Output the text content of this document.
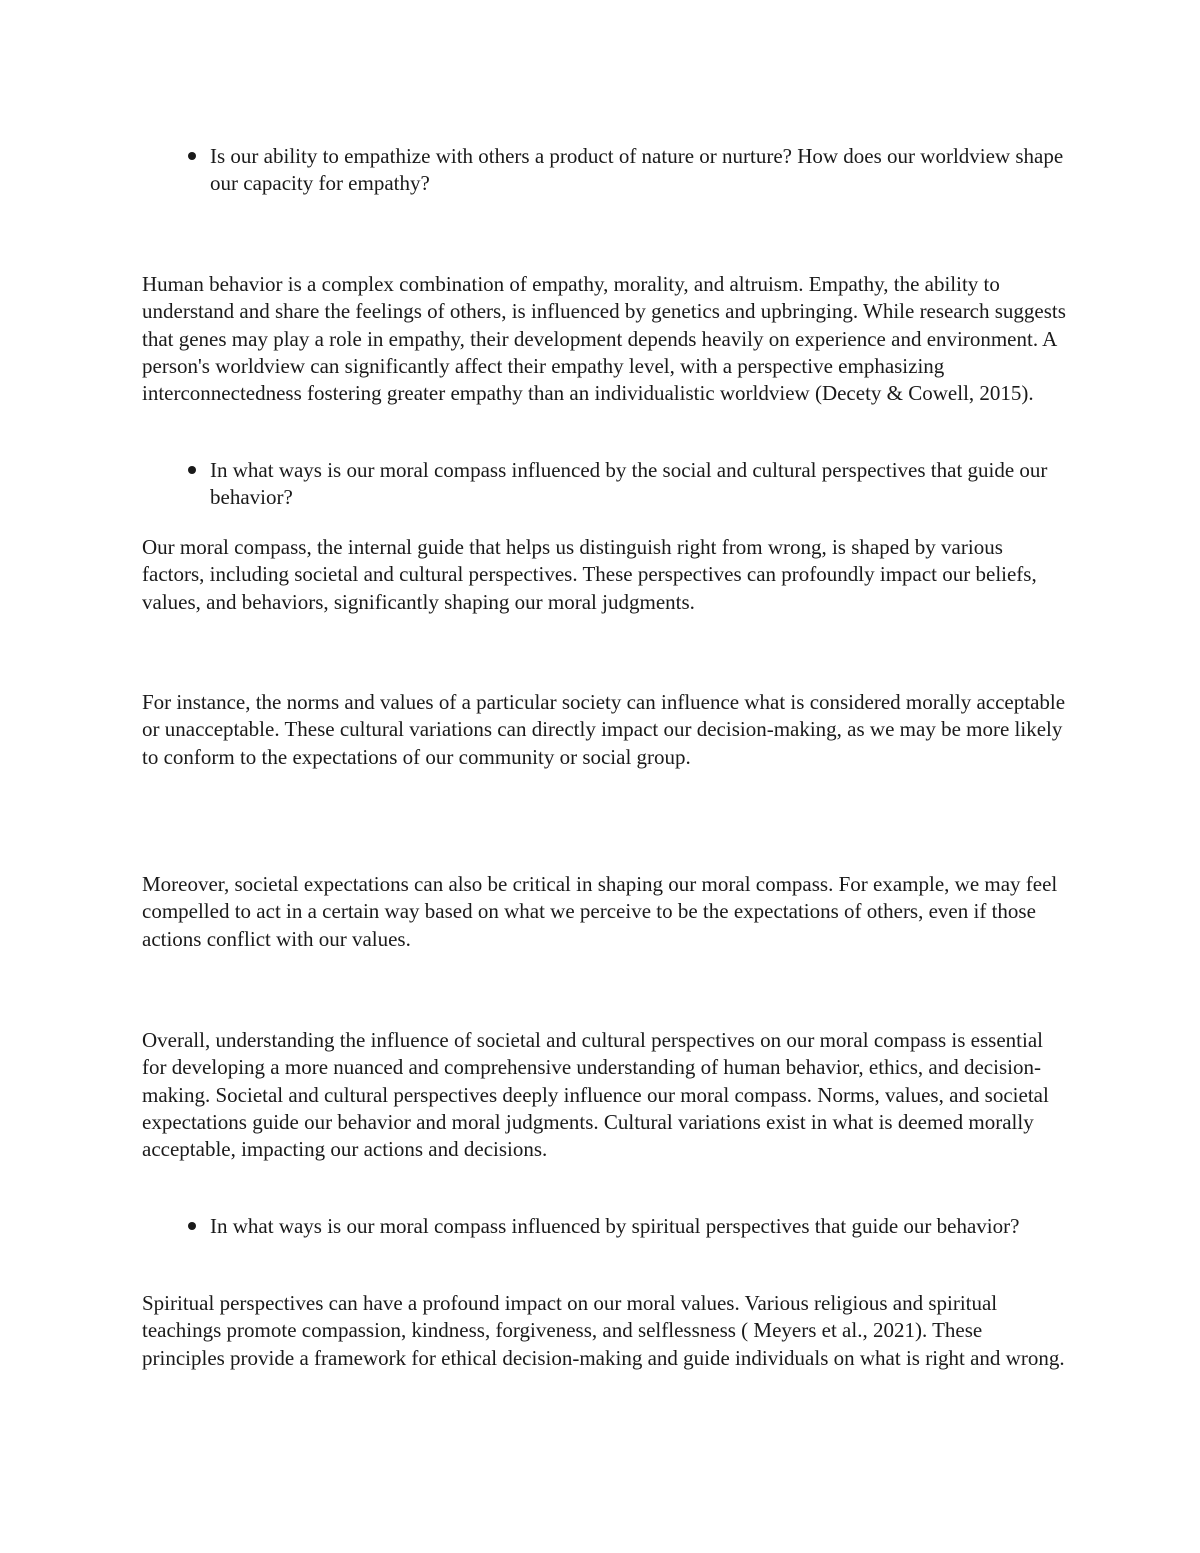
Is our ability to empathize with others a product of nature or nurture? How does our worldview shape our capacity for empathy?

Human behavior is a complex combination of empathy, morality, and altruism. Empathy, the ability to understand and share the feelings of others, is influenced by genetics and upbringing. While research suggests that genes may play a role in empathy, their development depends heavily on experience and environment. A person's worldview can significantly affect their empathy level, with a perspective emphasizing interconnectedness fostering greater empathy than an individualistic worldview (Decety & Cowell, 2015).

In what ways is our moral compass influenced by the social and cultural perspectives that guide our behavior?

Our moral compass, the internal guide that helps us distinguish right from wrong, is shaped by various factors, including societal and cultural perspectives. These perspectives can profoundly impact our beliefs, values, and behaviors, significantly shaping our moral judgments.

For instance, the norms and values of a particular society can influence what is considered morally acceptable or unacceptable. These cultural variations can directly impact our decision-making, as we may be more likely to conform to the expectations of our community or social group.

Moreover, societal expectations can also be critical in shaping our moral compass. For example, we may feel compelled to act in a certain way based on what we perceive to be the expectations of others, even if those actions conflict with our values.

Overall, understanding the influence of societal and cultural perspectives on our moral compass is essential for developing a more nuanced and comprehensive understanding of human behavior, ethics, and decision-making. Societal and cultural perspectives deeply influence our moral compass. Norms, values, and societal expectations guide our behavior and moral judgments. Cultural variations exist in what is deemed morally acceptable, impacting our actions and decisions.

In what ways is our moral compass influenced by spiritual perspectives that guide our behavior?

Spiritual perspectives can have a profound impact on our moral values. Various religious and spiritual teachings promote compassion, kindness, forgiveness, and selflessness ( Meyers et al., 2021). These principles provide a framework for ethical decision-making and guide individuals on what is right and wrong.
